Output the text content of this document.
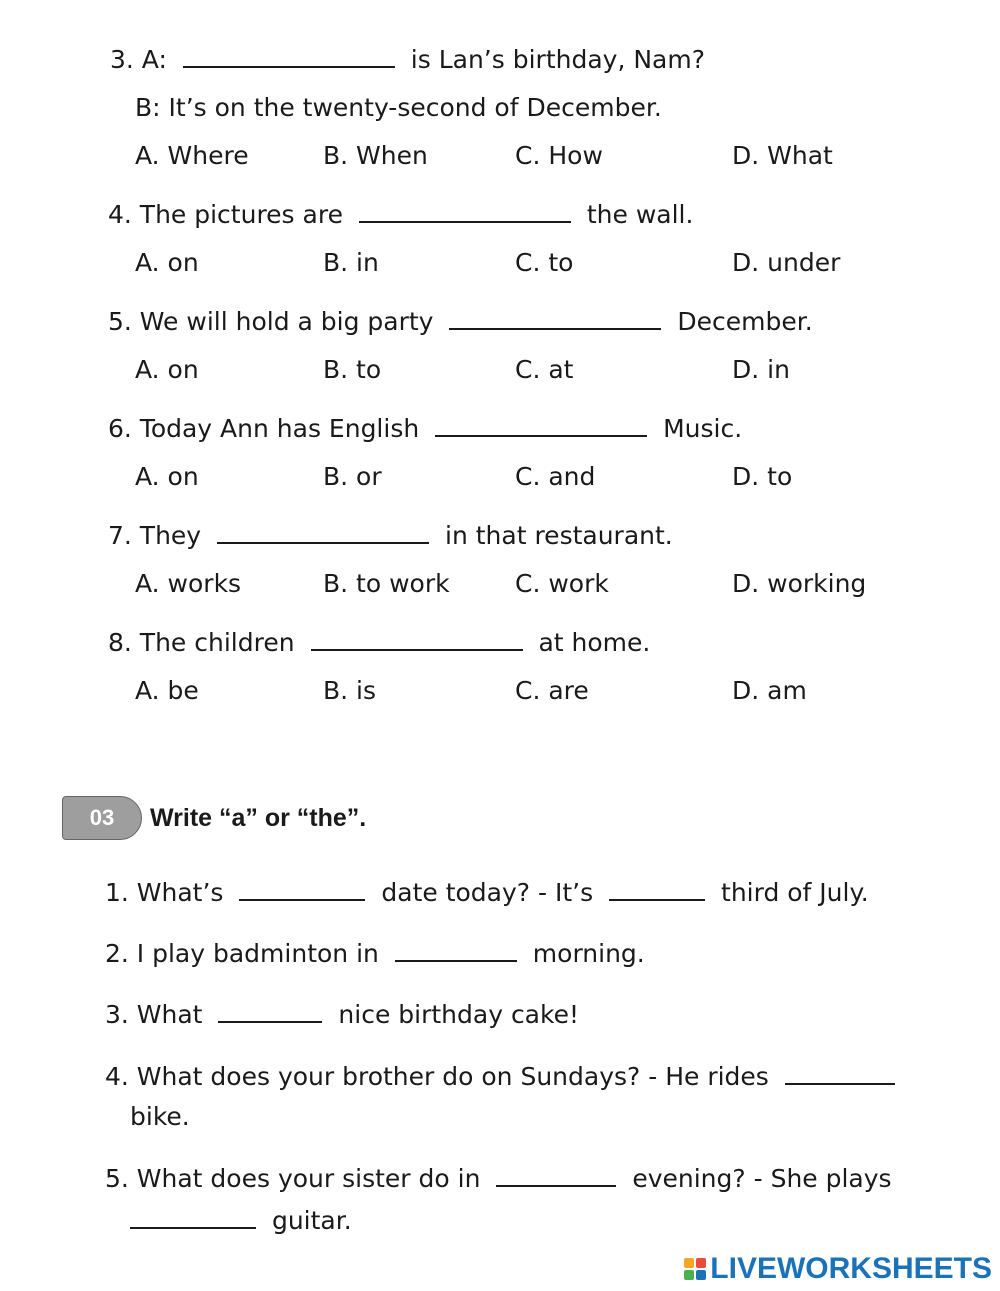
3. A:	is Lan’s birthday, Nam?
B: It’s on the twenty-second of December.
A. Where	B. When	C. How	D. What
4. The pictures are	the wall.
A. on	B. in	C. to	D. under
5. We will hold a big party	December.
A. on	B. to	C. at	D. in
6. Today Ann has English	Music.
A. on	B. or	C. and	D. to
7. They	in that restaurant.
A. works	B. to work	C. work	D. working
8. The children	at home.
A. be	B. is	C. are	D. am
03	Write “a” or “the”.
1. What’s	date today? - It’s	third of July.
2. I play badminton in	morning.
3. What	nice birthday cake!
4. What does your brother do on Sundays? - He rides
bike.
5. What does your sister do in	evening? - She plays
guitar.
LIVEWORKSHEETS
